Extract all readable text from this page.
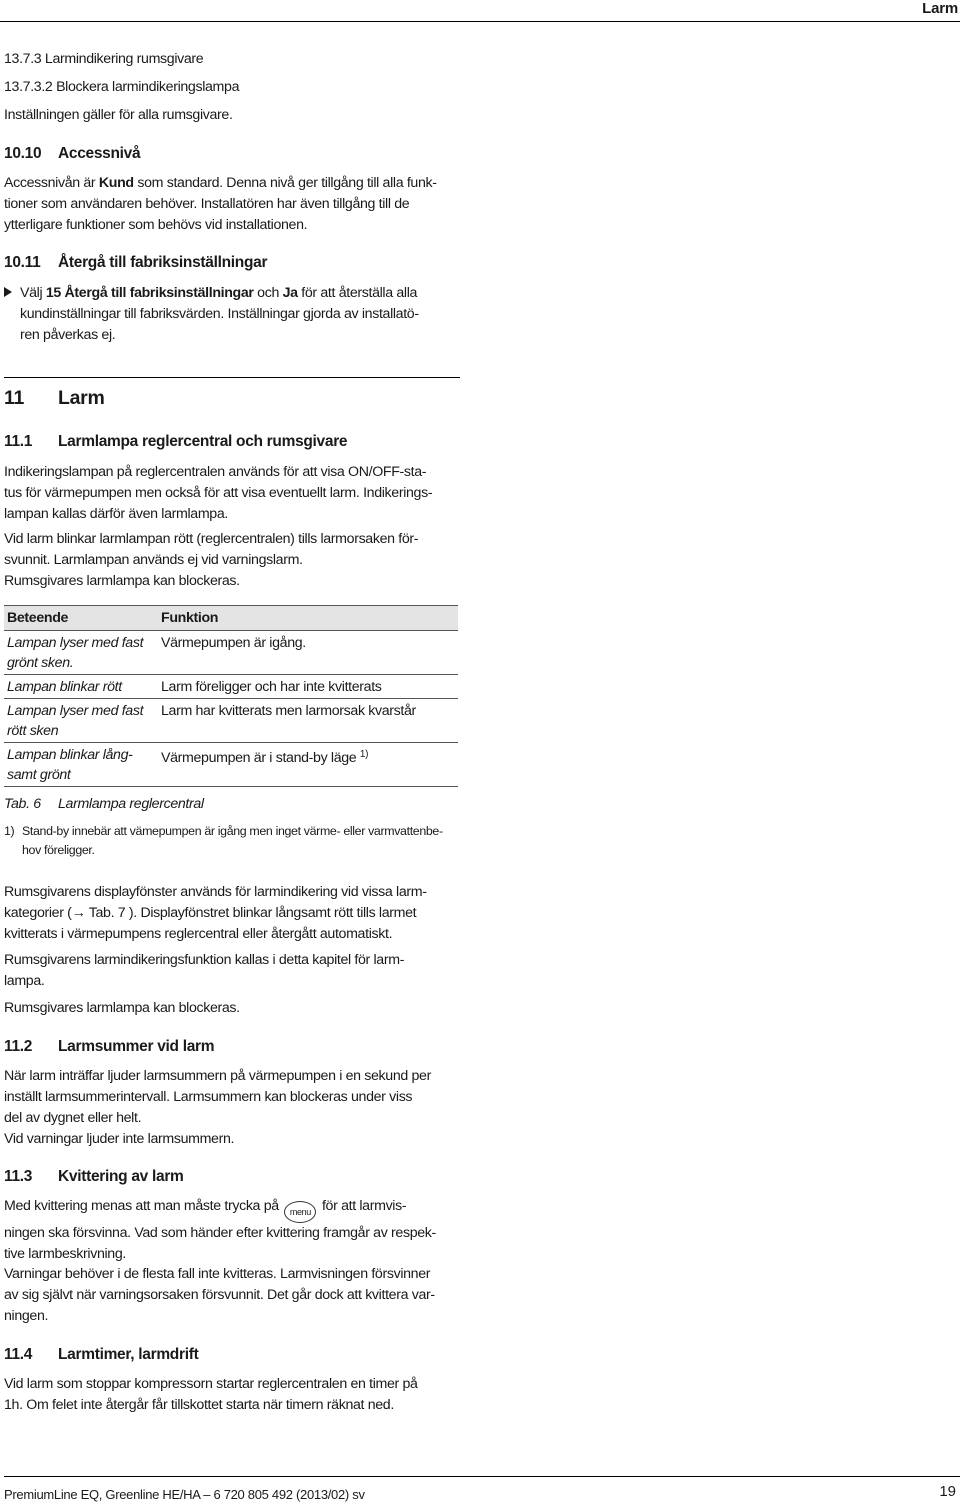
Larm
13.7.3 Larmindikering rumsgivare
13.7.3.2 Blockera larmindikeringslampa
Inställningen gäller för alla rumsgivare.
10.10 Accessnivå
Accessnivån är Kund som standard. Denna nivå ger tillgång till alla funk-
tioner som användaren behöver. Installatören har även tillgång till de
ytterligare funktioner som behövs vid installationen.
10.11 Återgå till fabriksinställningar
Välj 15 Återgå till fabriksinställningar och Ja för att återställa alla
kundinställningar till fabriksvärden. Inställningar gjorda av installatö-
ren påverkas ej.
11 Larm
11.1 Larmlampa reglercentral och rumsgivare
Indikeringslampan på reglercentralen används för att visa ON/OFF-sta-
tus för värmepumpen men också för att visa eventuellt larm. Indikerings-
lampan kallas därför även larmlampa.
Vid larm blinkar larmlampan rött (reglercentralen) tills larmorsaken för-
svunnit. Larmlampan används ej vid varningslarm.
Rumsgivares larmlampa kan blockeras.
Beteende	Funktion

Lampan lyser med fast
grönt sken.	Värmepumpen är igång.

Lampan blinkar rött	Larm föreligger och har inte kvitterats

Lampan lyser med fast
rött sken	Larm har kvitterats men larmorsak kvarstår

Lampan blinkar lång-
samt grönt	Värmepumpen är i stand-by läge $^{1)}$
Tab. 6 Larmlampa reglercentral
1) Stand-by innebär att vämepumpen är igång men inget värme- eller varmvattenbe-
hov föreligger.
Rumsgivarens displayfönster används för larmindikering vid vissa larm-
kategorier (→ Tab. 7 ). Displayfönstret blinkar långsamt rött tills larmet
kvitterats i värmepumpens reglercentral eller återgått automatiskt.
Rumsgivarens larmindikeringsfunktion kallas i detta kapitel för larm-
lampa.
Rumsgivares larmlampa kan blockeras.
11.2 Larmsummer vid larm
När larm inträffar ljuder larmsummern på värmepumpen i en sekund per
inställt larmsummerintervall. Larmsummern kan blockeras under viss
del av dygnet eller helt.
Vid varningar ljuder inte larmsummern.
11.3 Kvittering av larm
Med kvittering menas att man måste trycka på menu för att larmvis-
ningen ska försvinna. Vad som händer efter kvittering framgår av respek-
tive larmbeskrivning.
Varningar behöver i de flesta fall inte kvitteras. Larmvisningen försvinner
av sig självt när varningsorsaken försvunnit. Det går dock att kvittera var-
ningen.
11.4 Larmtimer, larmdrift
Vid larm som stoppar kompressorn startar reglercentralen en timer på
1h. Om felet inte återgår får tillskottet starta när timern räknat ned.
PremiumLine EQ, Greenline HE/HA – 6 720 805 492 (2013/02) sv	19
